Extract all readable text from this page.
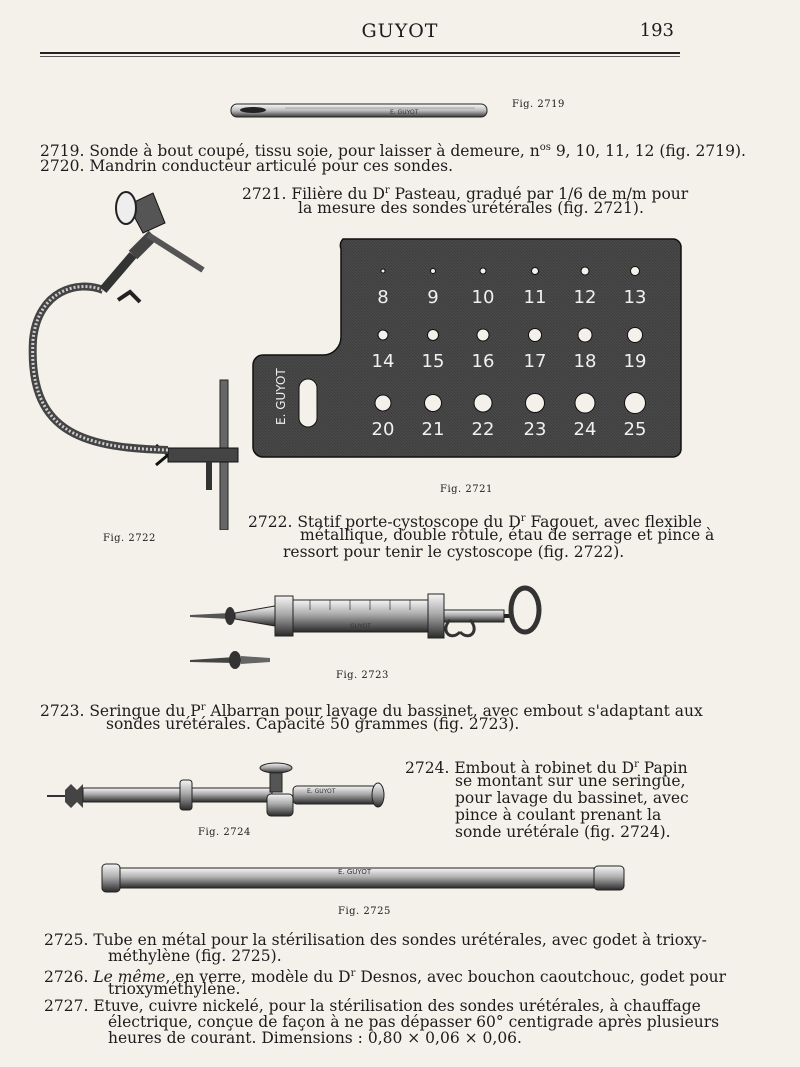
GUYOT	193
E. GUYOT
Fig. 2719
2719. Sonde à bout coupé, tissu soie, pour laisser à demeure, $n^{os}$ 9, 10, 11, 12 (fig. 2719).
2720. Mandrin conducteur articulé pour ces sondes.
2721. Filière du $D^r$ Pasteau, gradué par 1/6 de m/m pour
la mesure des sondes urétérales (fig. 2721).
Fig. 2722
8 9 10 11 12 13
14 15 16 17 18 19
20 21 22 23 24 25
E. GUYOT
Fig. 2721
2722. Statif porte-cystoscope du $D^r$ Fagouet, avec flexible
métallique, double rotule, étau de serrage et pince à
ressort pour tenir le cystoscope (fig. 2722).
GUYOT
Fig. 2723
2723. Seringue du $P^r$ Albarran pour lavage du bassinet, avec embout s'adaptant aux
sondes urétérales. Capacité 50 grammes (fig. 2723).
E. GUYOT
Fig. 2724
2724. Embout à robinet du $D^r$ Papin
se montant sur une seringue,
pour lavage du bassinet, avec
pince à coulant prenant la
sonde urétérale (fig. 2724).
E. GUYOT
Fig. 2725
2725. Tube en métal pour la stérilisation des sondes urétérales, avec godet à trioxy-
méthylène (fig. 2725).
2726. Le même, en verre, modèle du $D^r$ Desnos, avec bouchon caoutchouc, godet pour
trioxyméthylène.
2727. Etuve, cuivre nickelé, pour la stérilisation des sondes urétérales, à chauffage
électrique, conçue de façon à ne pas dépasser 60° centigrade après plusieurs
heures de courant. Dimensions : 0,80 × 0,06 × 0,06.
